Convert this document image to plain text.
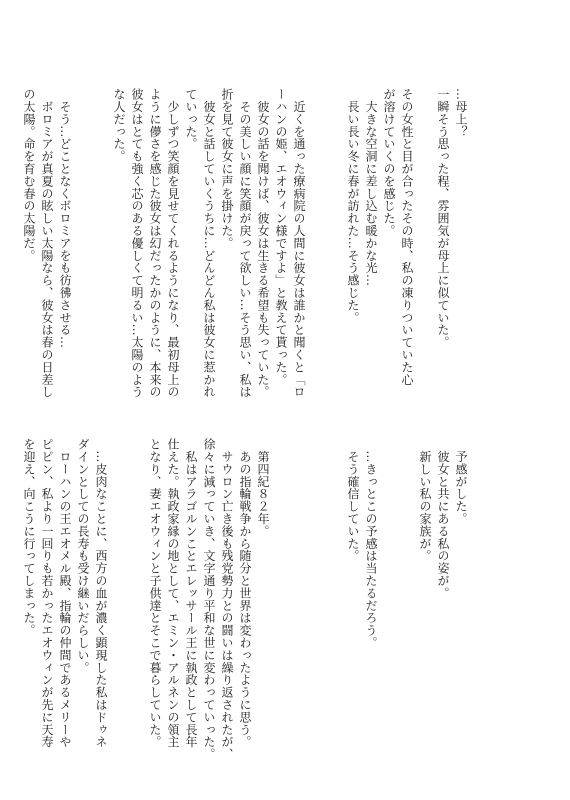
…母上？
一瞬そう思った程、雰囲気が母上に似ていた。

その女性と目が合ったその時、私の凍りついていた心
が溶けていくのを感じた。
　大きな空洞に差し込む暖かな光…
　長い長い冬に春が訪れた…そう感じた。

　近くを通った療病院の人間に彼女は誰かと聞くと「ロ
ーハンの姫、エオウィン様ですよ」と教えて貰った。
　彼女の話を聞けば、彼女は生きる希望も失っていた。
　その美しい顔に笑顔が戻って欲しい…そう思い、私は
折を見て彼女に声を掛けた。
　彼女と話していくうちに…どんどん私は彼女に惹かれ
ていった。
　少しずつ笑顔を見せてくれるようになり、最初母上の
ように儚さを感じた彼女は幻だったかのように、本来の
彼女はとても強く芯のある優しくて明るい…太陽のよう
な人だった。

　そう…どことなくボロミアをも彷彿させる…
　ボロミアが真夏の眩しい太陽なら、彼女は春の日差し
の太陽。命を育む春の太陽だ。
　予感がした。
　彼女と共にある私の姿が。
　新しい私の家族が。

　…きっとこの予感は当たるだろう。
　そう確信していた。

　第四紀８２年。
　あの指輪戦争から随分と世界は変わったように思う。
　サウロン亡き後も残党勢力との闘いは繰り返されたが、
徐々に減っていき、文字通り平和な世に変わっていった。
　私はアラゴルンことエレッサール王に執政として長年
仕えた。執政家縁の地として、エミン・アルネンの領主
となり、妻エオウィンと子供達とそこで暮らしていた。

　…皮肉なことに、西方の血が濃く顕現した私はドゥネ
ダインとしての長寿も受け継いだらしい。
　ローハンの王エオメル殿、指輪の仲間であるメリーや
ピピン、私より一回りも若かったエオウィンが先に天寿
を迎え、向こうに行ってしまった。
